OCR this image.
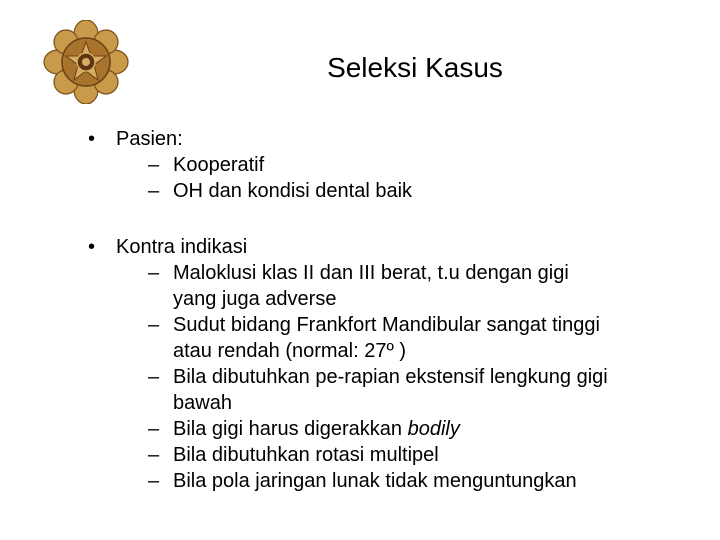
Seleksi Kasus
• Pasien:
– Kooperatif
– OH dan kondisi dental baik
• Kontra indikasi
– Maloklusi klas II dan III berat, t.u dengan gigi
yang juga adverse
– Sudut bidang Frankfort Mandibular sangat tinggi
atau rendah (normal: 27º )
– Bila dibutuhkan pe-rapian ekstensif lengkung gigi
bawah
– Bila gigi harus digerakkan bodily
– Bila dibutuhkan rotasi multipel
– Bila pola jaringan lunak tidak menguntungkan
